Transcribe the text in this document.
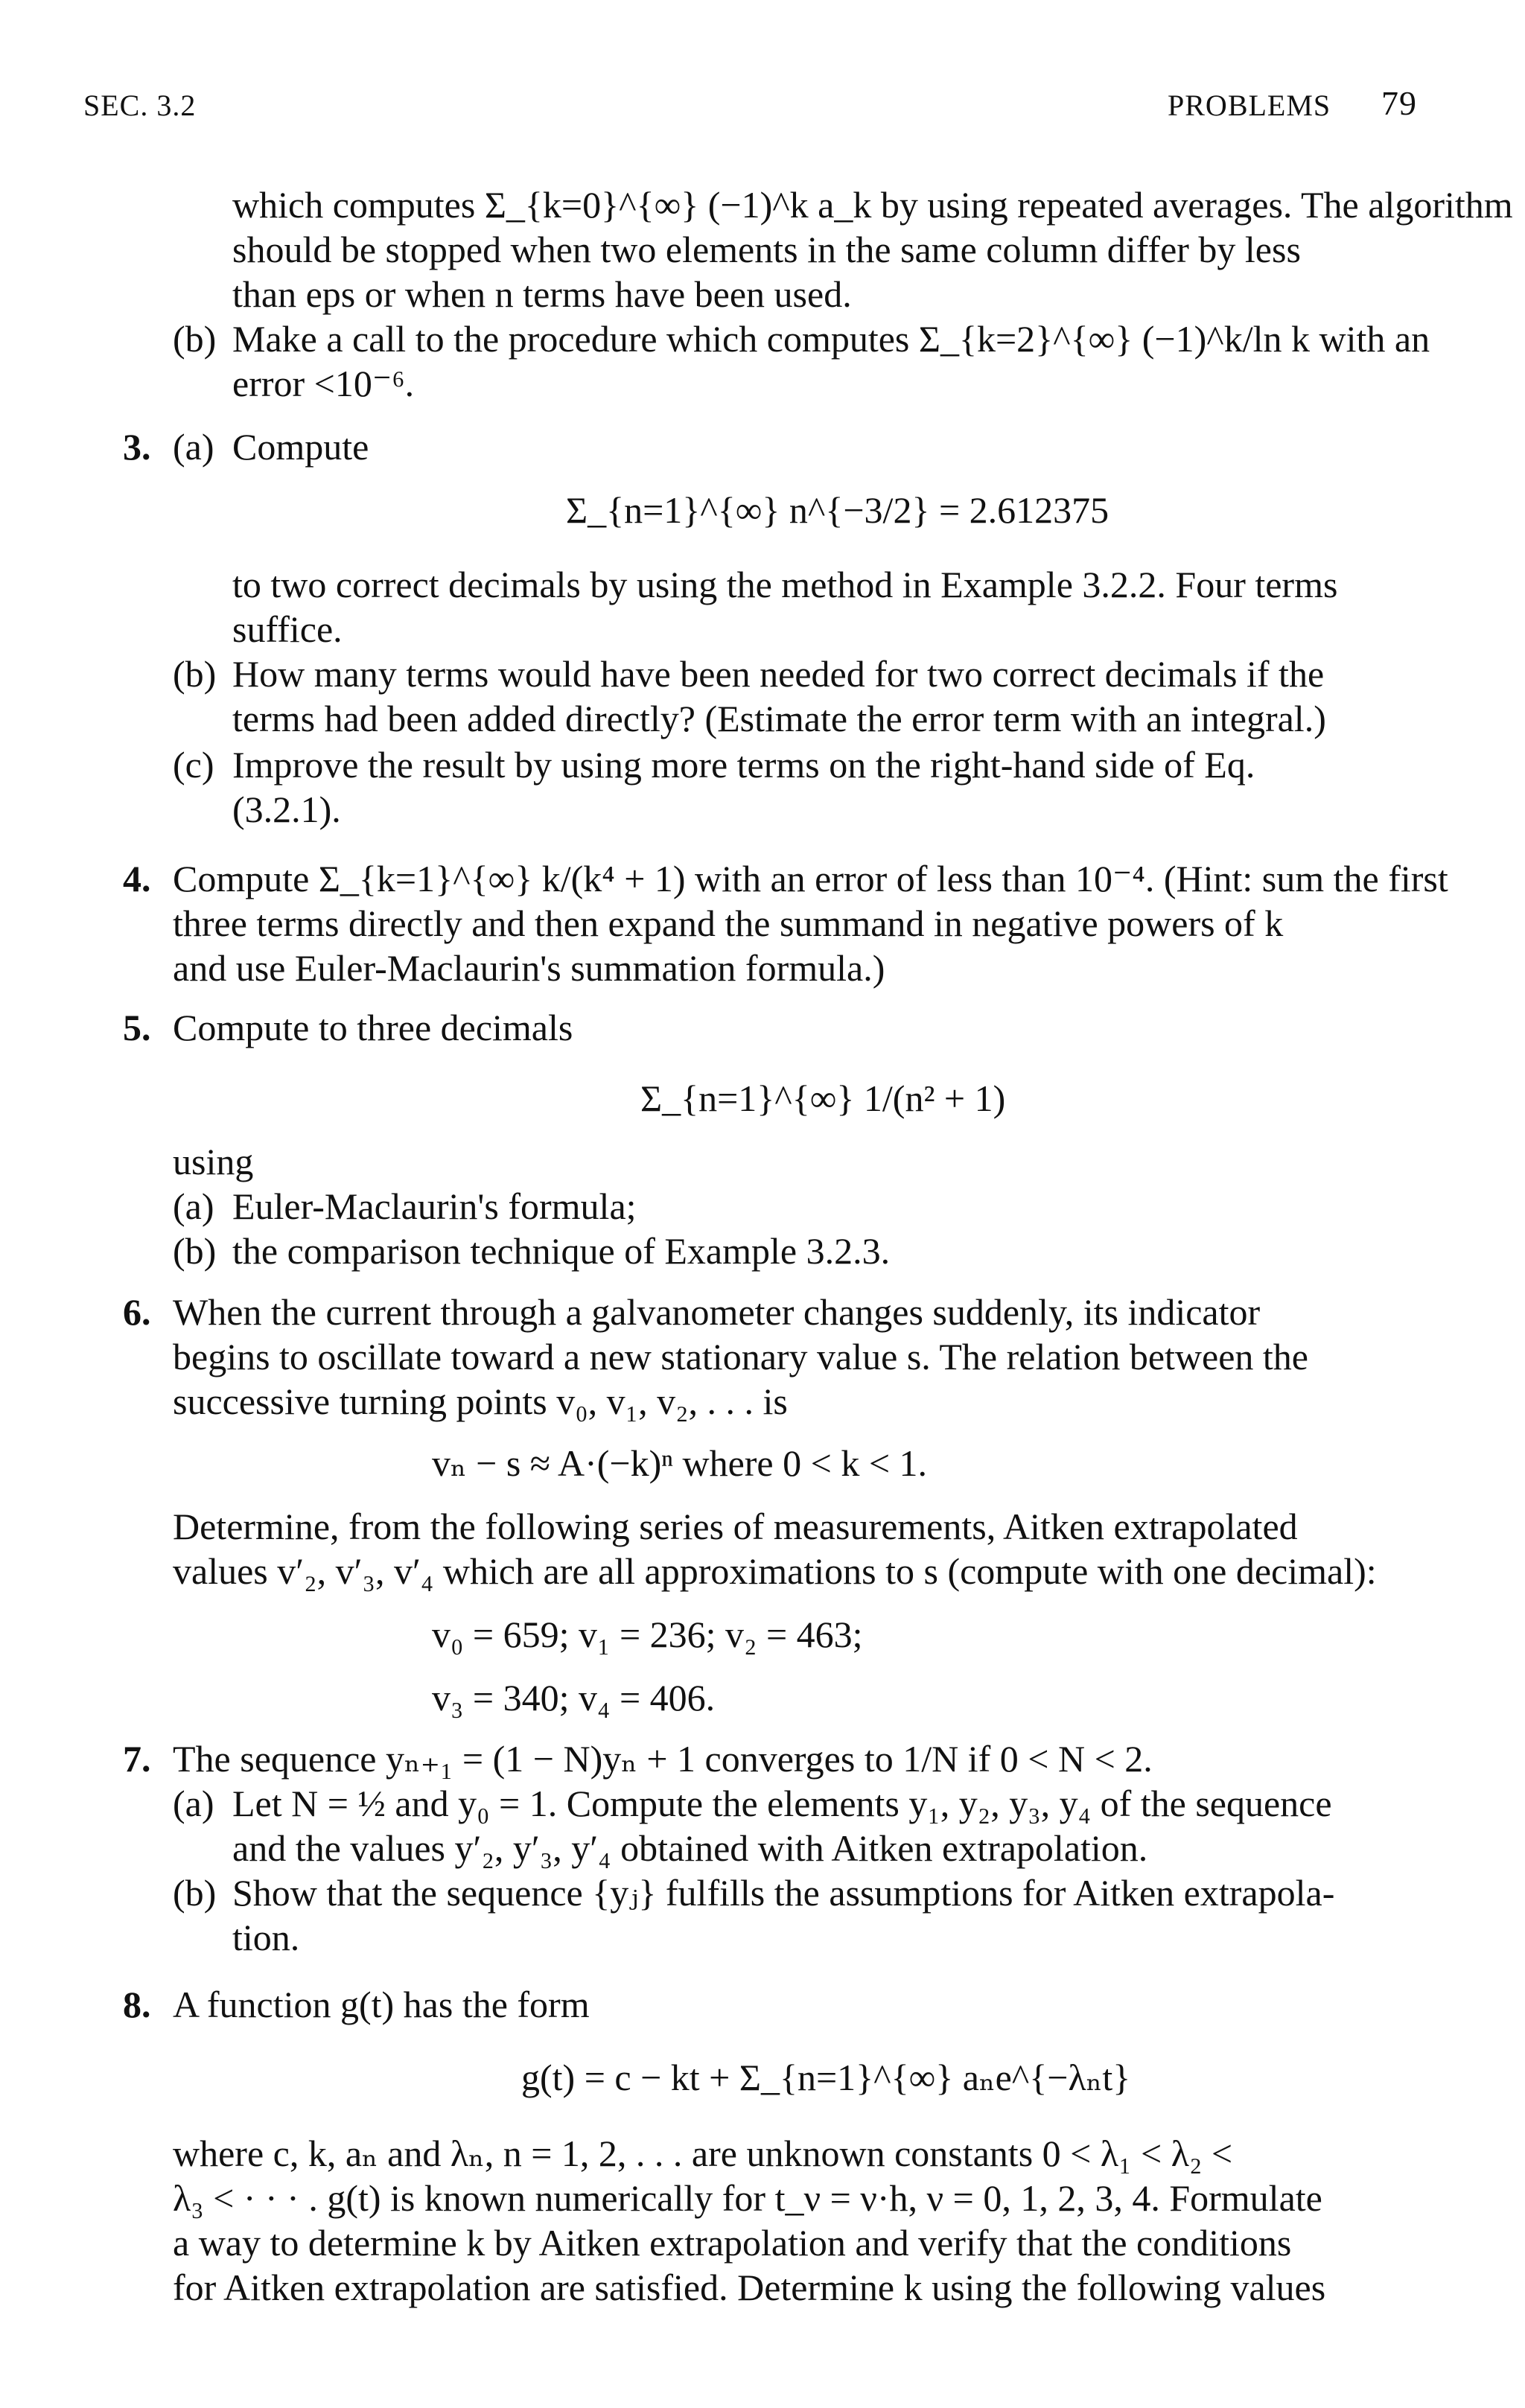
SEC. 3.2	PROBLEMS 79
which computes Σ_{k=0}^{∞} (−1)^k a_k by using repeated averages. The algorithm
should be stopped when two elements in the same column differ by less
than eps or when n terms have been used.
(b) Make a call to the procedure which computes Σ_{k=2}^{∞} (−1)^k/ln k with an
error <10⁻⁶.
3. (a) Compute
Σ_{n=1}^{∞} n^{−3/2} = 2.612375
to two correct decimals by using the method in Example 3.2.2. Four terms
suffice.
(b) How many terms would have been needed for two correct decimals if the
terms had been added directly? (Estimate the error term with an integral.)
(c) Improve the result by using more terms on the right-hand side of Eq.
(3.2.1).
4. Compute Σ_{k=1}^{∞} k/(k⁴ + 1) with an error of less than 10⁻⁴. (Hint: sum the first
three terms directly and then expand the summand in negative powers of k
and use Euler-Maclaurin's summation formula.)
5. Compute to three decimals
Σ_{n=1}^{∞} 1/(n² + 1)
using
(a) Euler-Maclaurin's formula;
(b) the comparison technique of Example 3.2.3.
6. When the current through a galvanometer changes suddenly, its indicator
begins to oscillate toward a new stationary value s. The relation between the
successive turning points v₀, v₁, v₂, . . . is
vₙ − s ≈ A·(−k)ⁿ where 0 < k < 1.
Determine, from the following series of measurements, Aitken extrapolated
values v′₂, v′₃, v′₄ which are all approximations to s (compute with one decimal):
v₀ = 659; v₁ = 236; v₂ = 463;
v₃ = 340; v₄ = 406.
7. The sequence yₙ₊₁ = (1 − N)yₙ + 1 converges to 1/N if 0 < N < 2.
(a) Let N = ½ and y₀ = 1. Compute the elements y₁, y₂, y₃, y₄ of the sequence
and the values y′₂, y′₃, y′₄ obtained with Aitken extrapolation.
(b) Show that the sequence {yⱼ} fulfills the assumptions for Aitken extrapola-
tion.
8. A function g(t) has the form
g(t) = c − kt + Σ_{n=1}^{∞} aₙe^{−λₙt}
where c, k, aₙ and λₙ, n = 1, 2, . . . are unknown constants 0 < λ₁ < λ₂ <
λ₃ < · · · . g(t) is known numerically for t_ν = ν·h, ν = 0, 1, 2, 3, 4. Formulate
a way to determine k by Aitken extrapolation and verify that the conditions
for Aitken extrapolation are satisfied. Determine k using the following values
